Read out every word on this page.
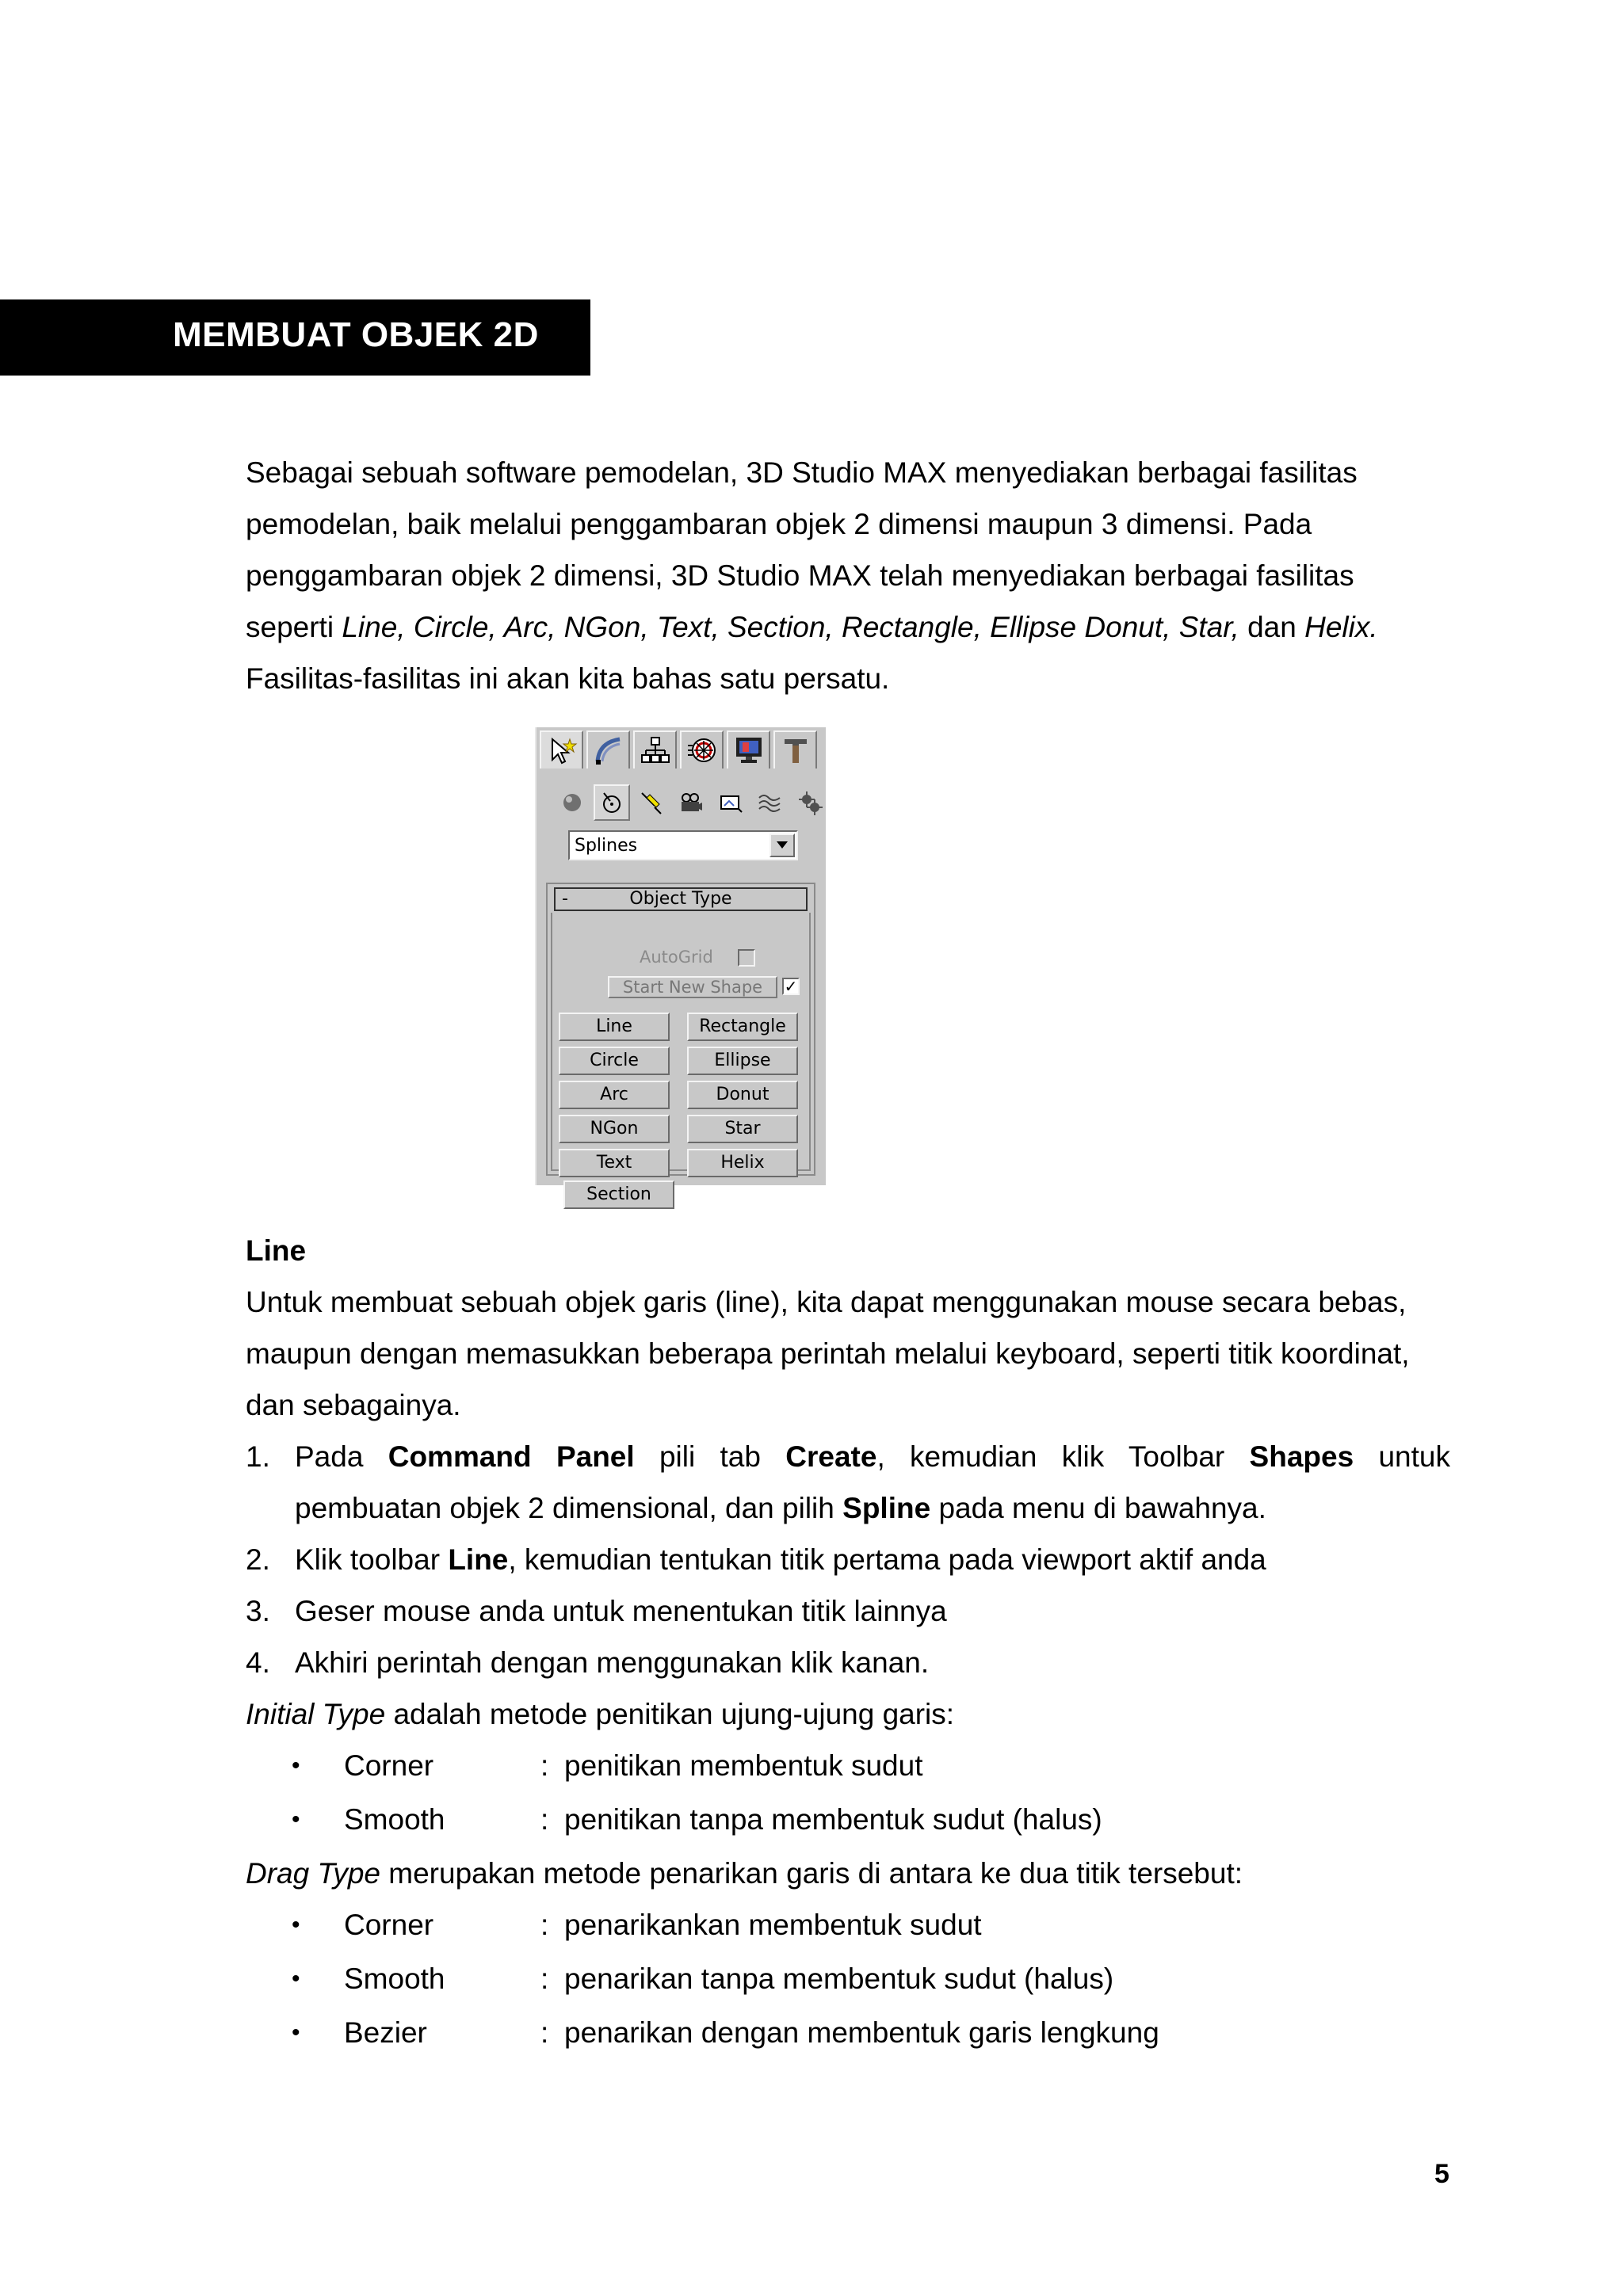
MEMBUAT OBJEK 2D

Sebagai sebuah software pemodelan, 3D Studio MAX menyediakan berbagai fasilitas

pemodelan, baik melalui penggambaran objek 2 dimensi maupun 3 dimensi. Pada

penggambaran objek 2 dimensi, 3D Studio MAX telah menyediakan berbagai fasilitas

seperti Line, Circle, Arc, NGon, Text, Section, Rectangle, Ellipse Donut, Star, dan Helix.

Fasilitas-fasilitas ini akan kita bahas satu persatu.

Splines
-	Object Type
AutoGrid
Start New Shape	✓
Line	Rectangle
Circle	Ellipse
Arc	Donut
NGon	Star
Text	Helix
Section

Line

Untuk membuat sebuah objek garis (line), kita dapat menggunakan mouse secara bebas,

maupun dengan memasukkan beberapa perintah melalui keyboard, seperti titik koordinat,

dan sebagainya.

1. Pada Command Panel pili tab Create, kemudian klik Toolbar Shapes untuk
pembuatan objek 2 dimensional, dan pilih Spline pada menu di bawahnya.
2. Klik toolbar Line, kemudian tentukan titik pertama pada viewport aktif anda
3. Geser mouse anda untuk menentukan titik lainnya
4. Akhiri perintah dengan menggunakan klik kanan.

Initial Type adalah metode penitikan ujung-ujung garis:

• Corner	: penitikan membentuk sudut
• Smooth	: penitikan tanpa membentuk sudut (halus)

Drag Type merupakan metode penarikan garis di antara ke dua titik tersebut:

• Corner	: penarikankan membentuk sudut
• Smooth	: penarikan tanpa membentuk sudut (halus)
• Bezier	: penarikan dengan membentuk garis lengkung
5
